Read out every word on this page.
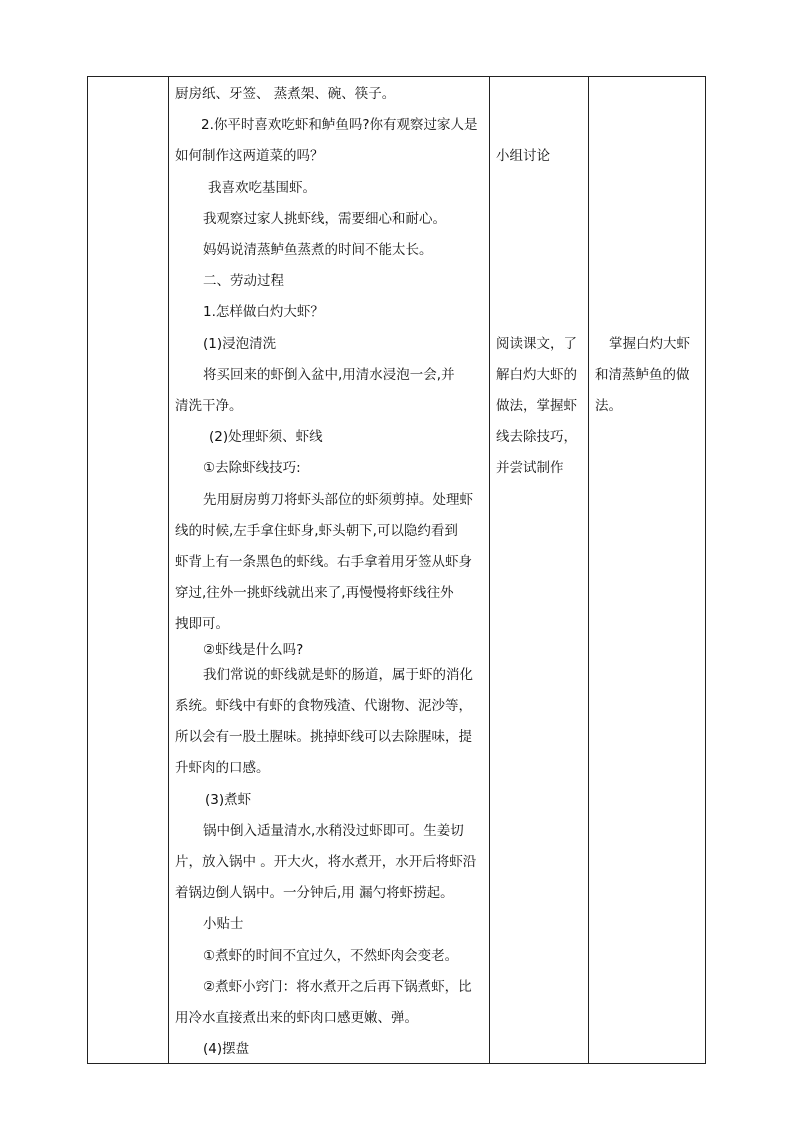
厨房纸、牙签、 蒸煮架、碗、筷子。
2.你平时喜欢吃虾和鲈鱼吗?你有观察过家人是
如何制作这两道菜的吗？
我喜欢吃基围虾。
我观察过家人挑虾线，需要细心和耐心。
妈妈说清蒸鲈鱼蒸煮的时间不能太长。
二、劳动过程
1.怎样做白灼大虾？
(1)浸泡清洗
将买回来的虾倒入盆中,用清水浸泡一会,并
清洗干净。
(2)处理虾须、虾线
①去除虾线技巧:
先用厨房剪刀将虾头部位的虾须剪掉。处理虾
线的时候,左手拿住虾身,虾头朝下,可以隐约看到
虾背上有一条黑色的虾线。右手拿着用牙签从虾身
穿过,往外一挑虾线就出来了,再慢慢将虾线往外
拽即可。
②虾线是什么吗?
我们常说的虾线就是虾的肠道，属于虾的消化
系统。虾线中有虾的食物残渣、代谢物、泥沙等，
所以会有一股土腥味。挑掉虾线可以去除腥味，提
升虾肉的口感。
(3)煮虾
锅中倒入适量清水,水稍没过虾即可。生姜切
片，放入锅中 。开大火，将水煮开，水开后将虾沿
着锅边倒人锅中。一分钟后,用 漏勺将虾捞起。
小贴士
①煮虾的时间不宜过久，不然虾肉会变老。
②煮虾小窍门：将水煮开之后再下锅煮虾，比
用冷水直接煮出来的虾肉口感更嫩、弹。
(4)摆盘
小组讨论
阅读课文，了
解白灼大虾的
做法，掌握虾
线去除技巧，
并尝试制作
掌握白灼大虾
和清蒸鲈鱼的做
法。
